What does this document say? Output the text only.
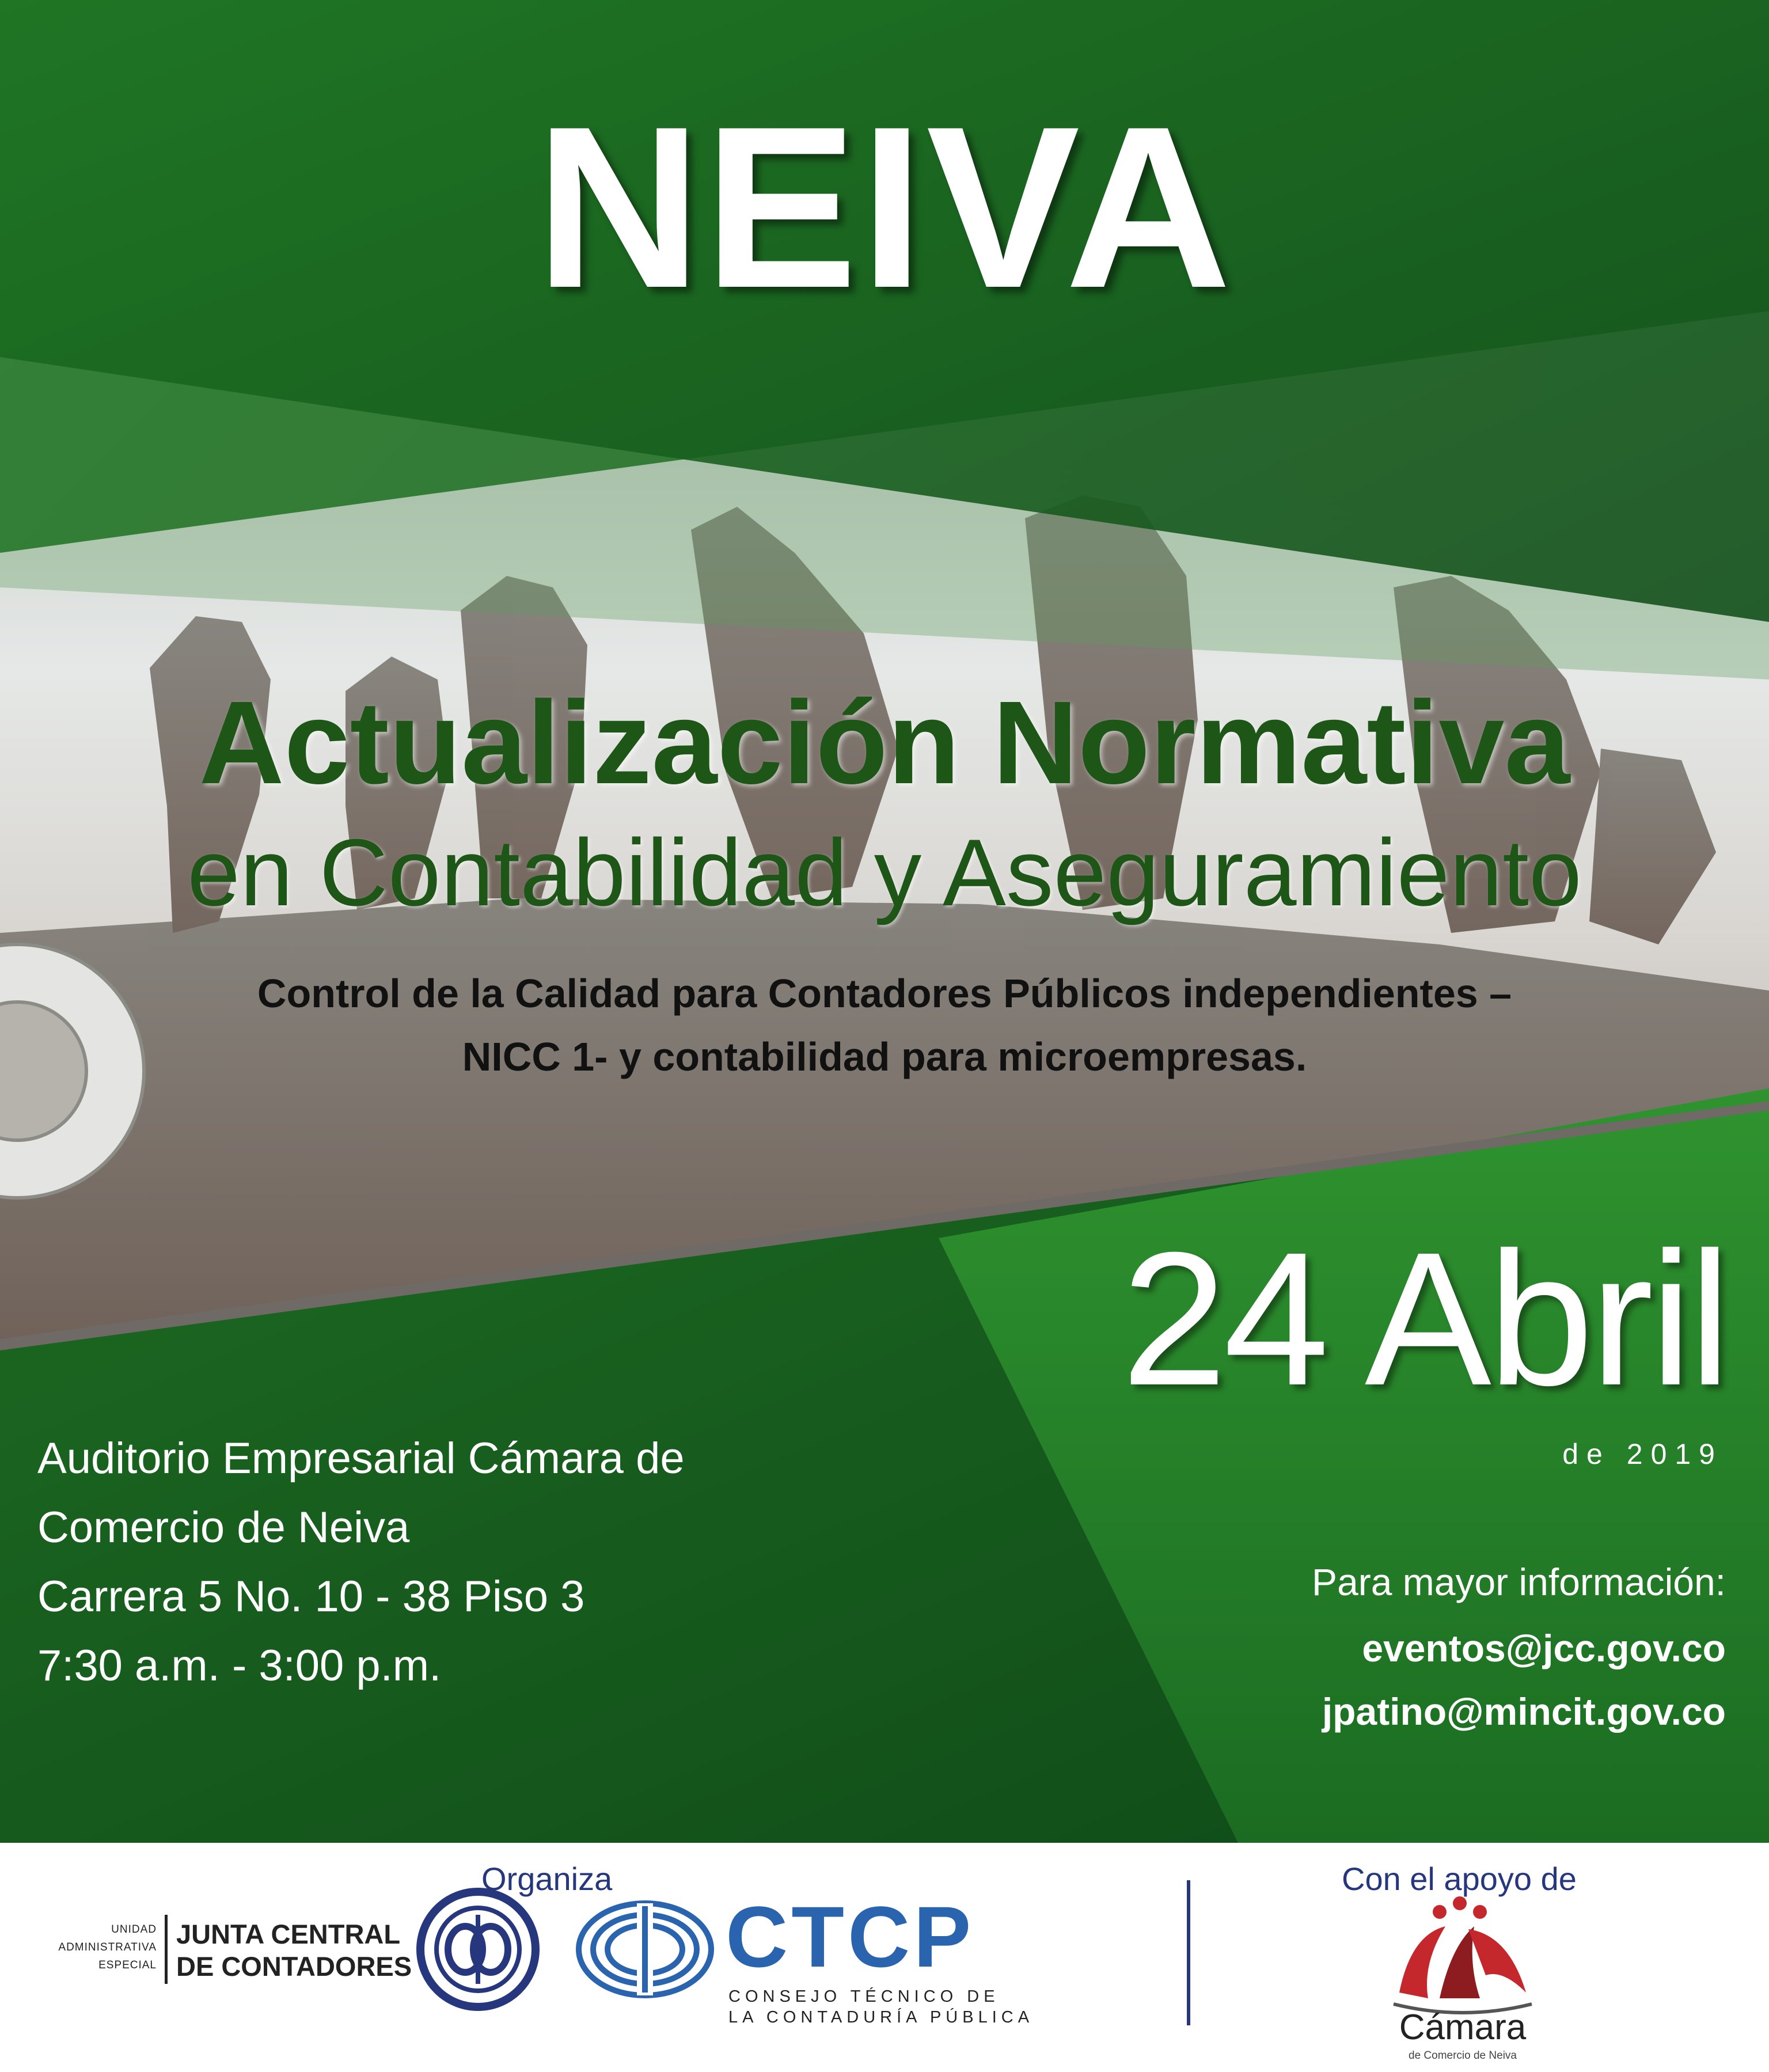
NEIVA
Actualización Normativa
en Contabilidad y Aseguramiento
Control de la Calidad para Contadores Públicos independientes –
NICC 1- y contabilidad para microempresas.
24 Abril
de 2019
Auditorio Empresarial Cámara de
Comercio de Neiva
Carrera 5 No. 10 - 38 Piso 3
7:30 a.m. - 3:00 p.m.
Para mayor información:
eventos@jcc.gov.co
jpatino@mincit.gov.co
Organiza	Con el apoyo de
UNIDAD
ADMINISTRATIVA
ESPECIAL
JUNTA CENTRAL
DE CONTADORES	CTCP
CONSEJO TÉCNICO DE
LA CONTADURÍA PÚBLICA	Cámara
de Comercio de Neiva
